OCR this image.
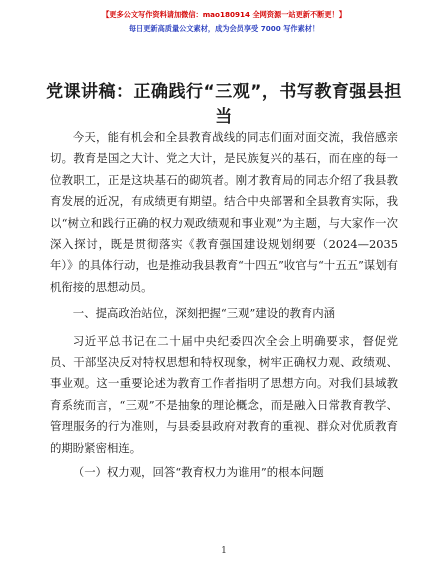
【更多公文写作资料请加微信：mao180914 全网资源一站更新不断更！】
每日更新高质量公文素材，成为会员享受 7000 写作素材！
党课讲稿：正确践行“三观”，书写教育强县担当

今天，能有机会和全县教育战线的同志们面对面交流，我倍感亲切。教育是国之大计、党之大计，是民族复兴的基石，而在座的每一位教职工，正是这块基石的砌筑者。刚才教育局的同志介绍了我县教育发展的近况，有成绩更有期望。结合中央部署和全县教育实际，我以“树立和践行正确的权力观政绩观和事业观”为主题，与大家作一次深入探讨，既是贯彻落实《教育强国建设规划纲要（2024—2035 年）》的具体行动，也是推动我县教育“十四五”收官与“十五五”谋划有机衔接的思想动员。

一、提高政治站位，深刻把握“三观”建设的教育内涵

习近平总书记在二十届中央纪委四次全会上明确要求，督促党员、干部坚决反对特权思想和特权现象，树牢正确权力观、政绩观、事业观。这一重要论述为教育工作者指明了思想方向。对我们县域教育系统而言，“三观”不是抽象的理论概念，而是融入日常教育教学、管理服务的行为准则，与县委县政府对教育的重视、群众对优质教育的期盼紧密相连。

（一）权力观，回答“教育权力为谁用”的根本问题

1
